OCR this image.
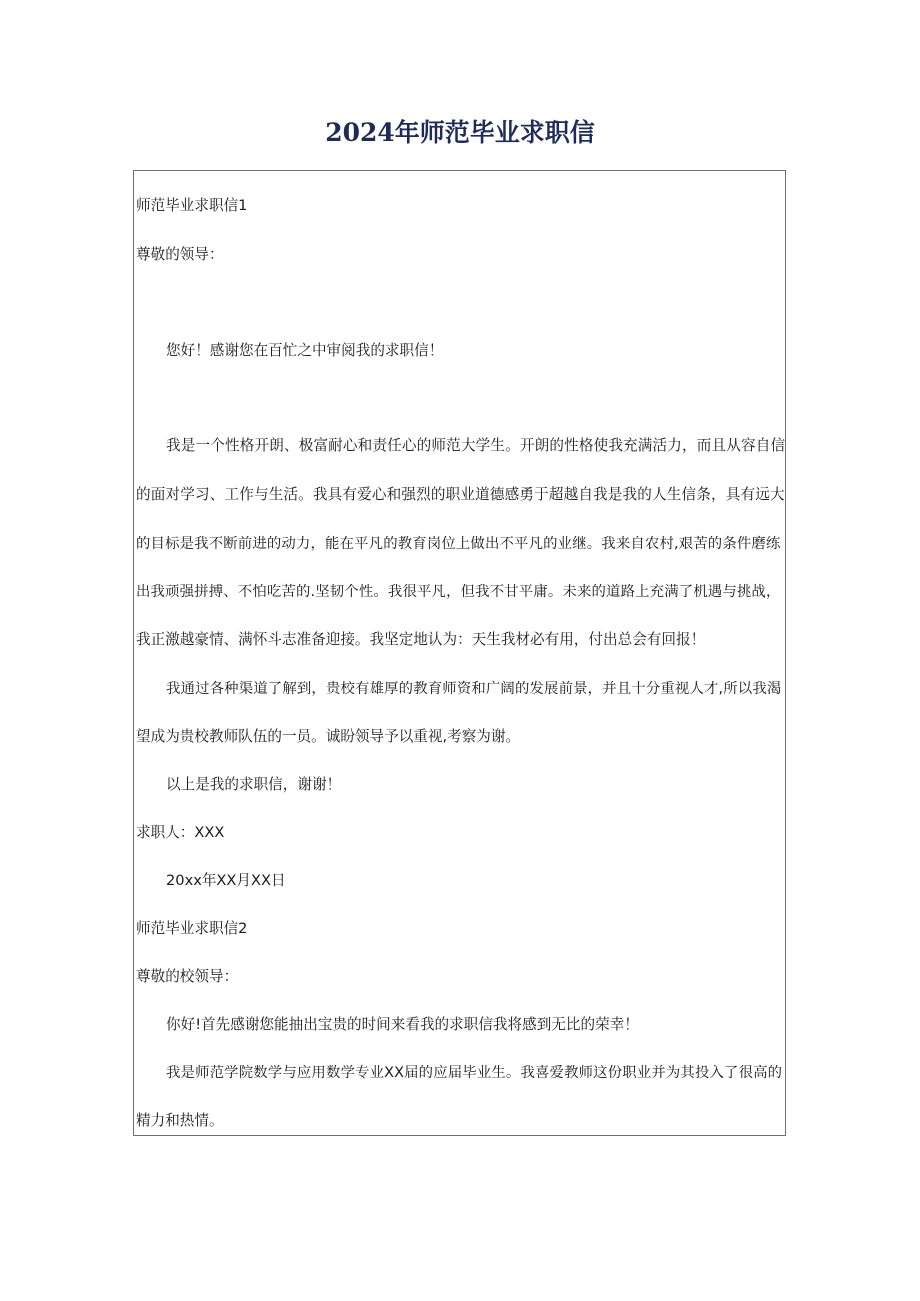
2024年师范毕业求职信

师范毕业求职信1

尊敬的领导：

您好！感谢您在百忙之中审阅我的求职信！

我是一个性格开朗、极富耐心和责任心的师范大学生。开朗的性格使我充满活力，而且从容自信

的面对学习、工作与生活。我具有爱心和强烈的职业道德感勇于超越自我是我的人生信条，具有远大

的目标是我不断前进的动力，能在平凡的教育岗位上做出不平凡的业继。我来自农村,艰苦的条件磨练

出我顽强拼搏、不怕吃苦的.坚韧个性。我很平凡，但我不甘平庸。未来的道路上充满了机遇与挑战，

我正激越豪情、满怀斗志准备迎接。我坚定地认为：天生我材必有用，付出总会有回报！

我通过各种渠道了解到，贵校有雄厚的教育师资和广阔的发展前景，并且十分重视人才,所以我渴

望成为贵校教师队伍的一员。诚盼领导予以重视,考察为谢。

以上是我的求职信，谢谢！

求职人：XXX

20xx年XX月XX日

师范毕业求职信2

尊敬的校领导：

你好!首先感谢您能抽出宝贵的时间来看我的求职信我将感到无比的荣幸！

我是师范学院数学与应用数学专业XX届的应届毕业生。我喜爱教师这份职业并为其投入了很高的

精力和热情。
